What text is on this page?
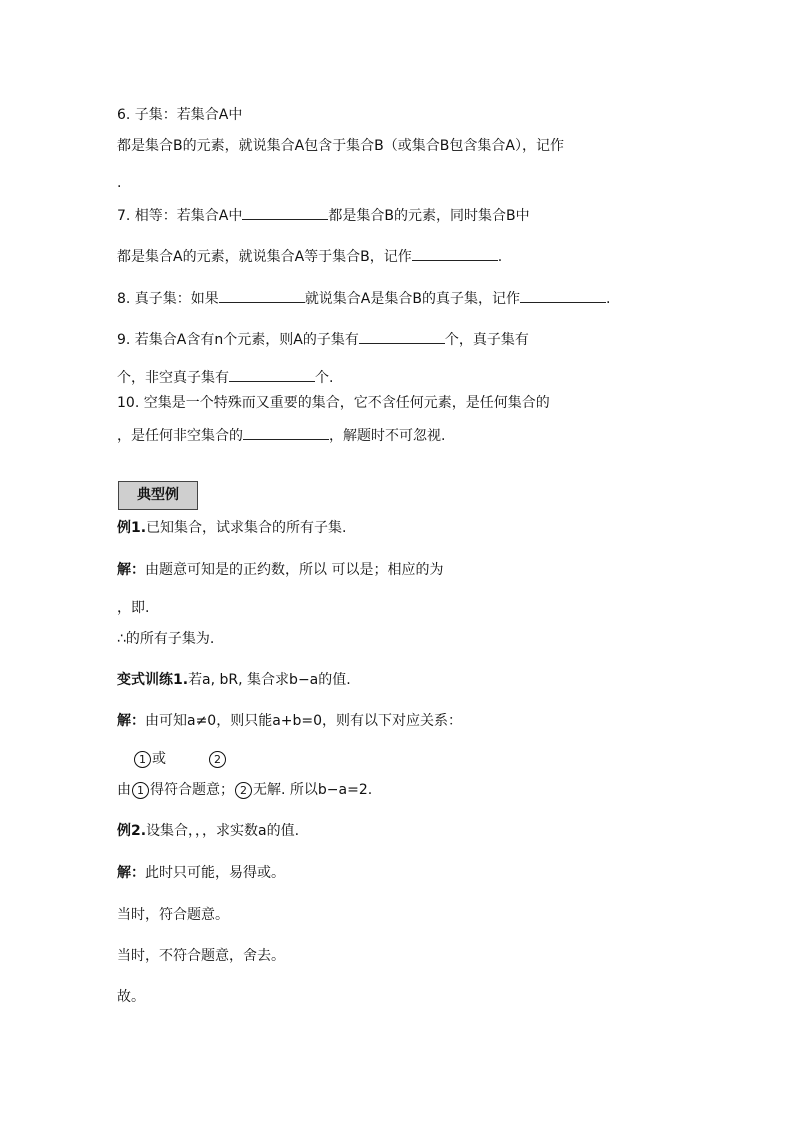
6. 子集：若集合A中
都是集合B的元素，就说集合A包含于集合B（或集合B包含集合A），记作
.
7. 相等：若集合A中	都是集合B的元素，同时集合B中
都是集合A的元素，就说集合A等于集合B，记作	.
8. 真子集：如果	就说集合A是集合B的真子集，记作	.
9. 若集合A含有n个元素，则A的子集有	个，真子集有
个，非空真子集有	个.
10. 空集是一个特殊而又重要的集合，它不含任何元素，是任何集合的
，是任何非空集合的	，解题时不可忽视.
典型例
例1.已知集合，试求集合的所有子集.
解：由题意可知是的正约数，所以 可以是；相应的为
，即.
∴的所有子集为.
变式训练1.若a, bR, 集合求b−a的值.
解：由可知a≠0，则只能a+b=0，则有以下对应关系：
1 或	2
由 1 得符合题意； 2 无解. 所以b−a=2.
例2.设集合，，，求实数a的值.
解：此时只可能，易得或。
当时，符合题意。
当时，不符合题意，舍去。
故。
